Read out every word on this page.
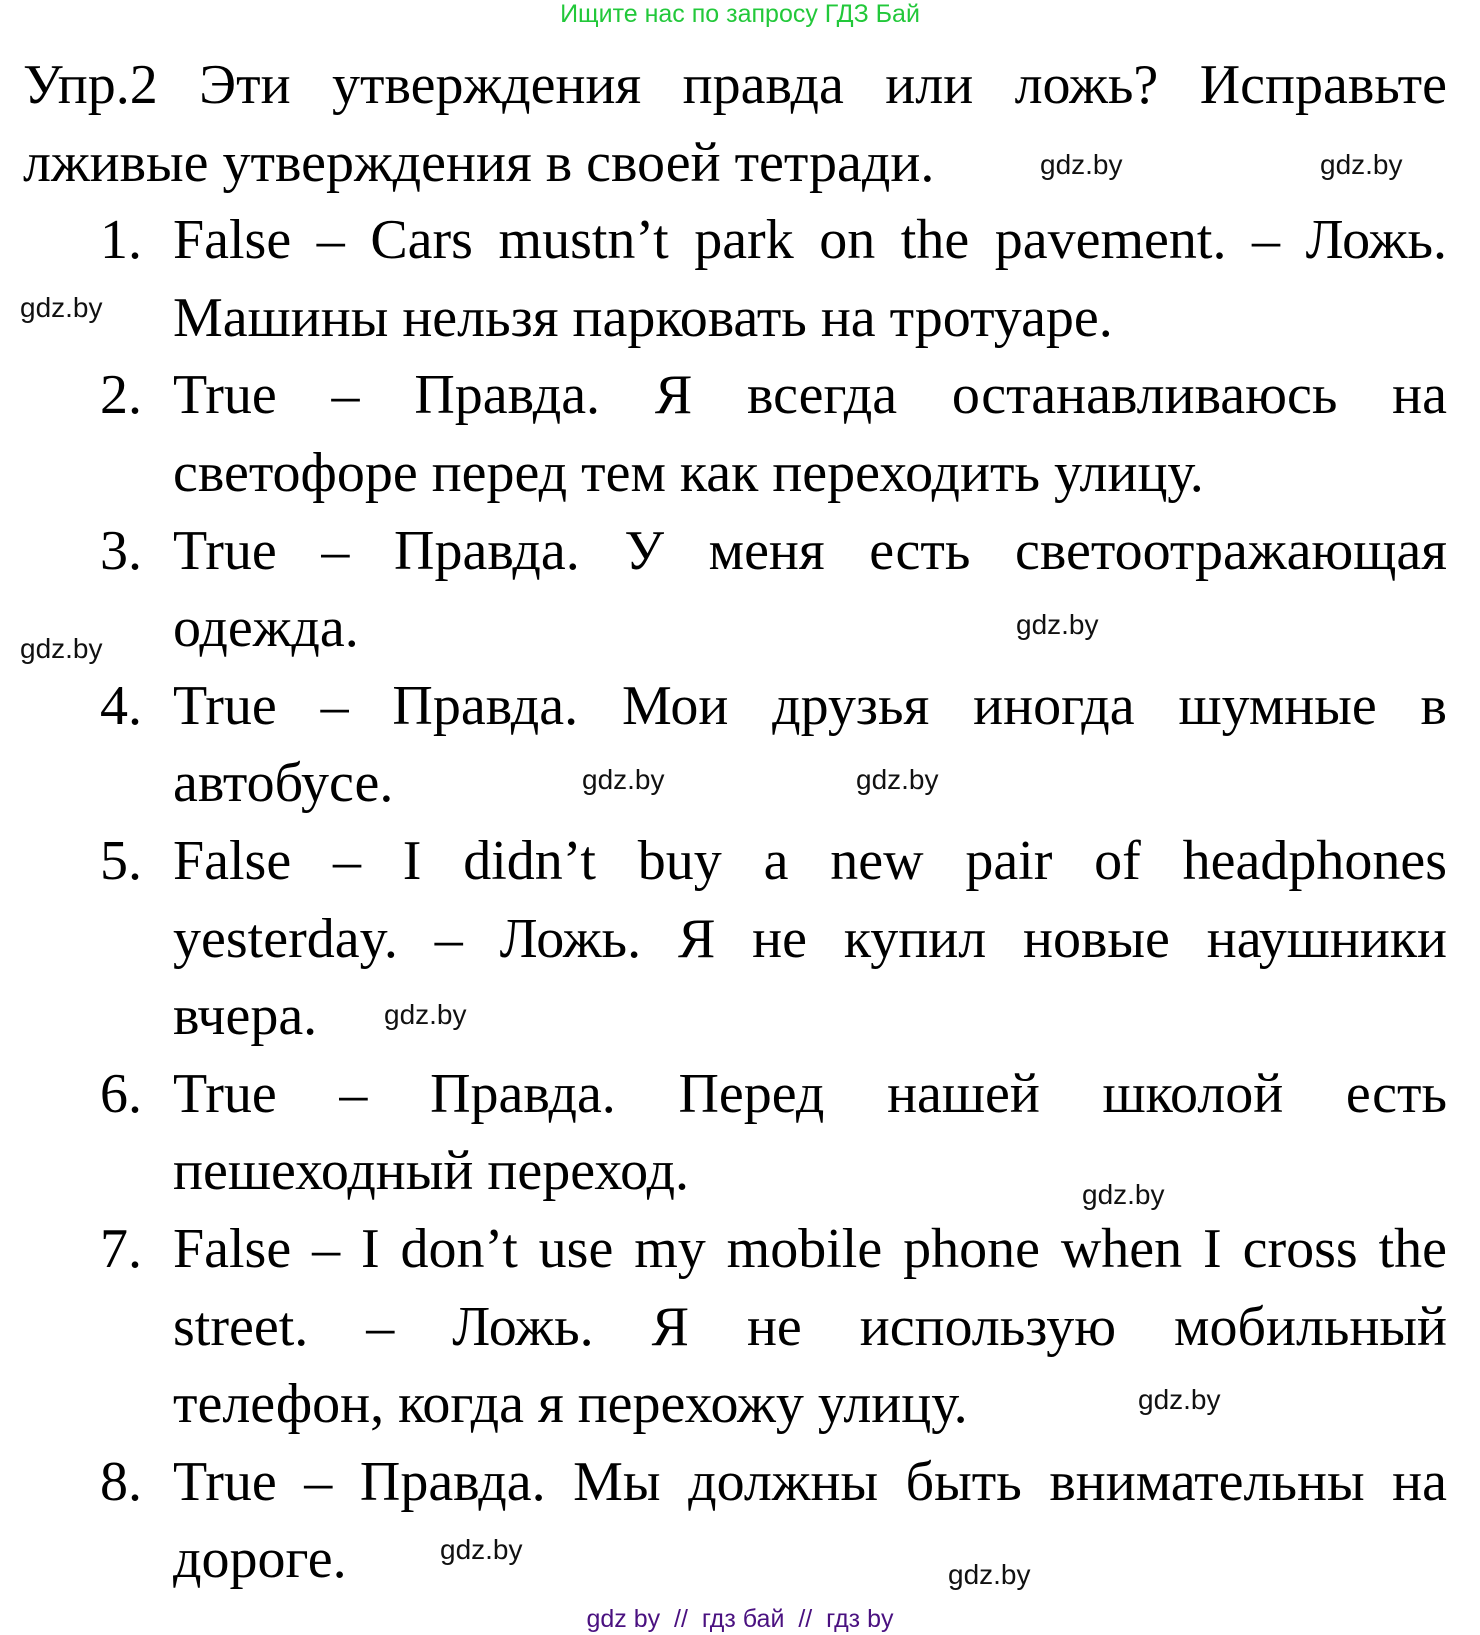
Ищите нас по запросу ГДЗ Бай
Упр.2 Эти утверждения правда или ложь? Исправьте
лживые утверждения в своей тетради.
1. False – Cars mustn’t park on the pavement. – Ложь.
Машины нельзя парковать на тротуаре.
2. True – Правда. Я всегда останавливаюсь на
светофоре перед тем как переходить улицу.
3. True – Правда. У меня есть светоотражающая
одежда.
4. True – Правда. Мои друзья иногда шумные в
автобусе.
5. False – I didn’t buy a new pair of headphones
yesterday. – Ложь. Я не купил новые наушники
вчера.
6. True – Правда. Перед нашей школой есть
пешеходный переход.
7. False – I don’t use my mobile phone when I cross the
street. – Ложь. Я не использую мобильный
телефон, когда я перехожу улицу.
8. True – Правда. Мы должны быть внимательны на
дороге.
gdz.by	gdz.by
gdz.by
gdz.by
gdz.by
gdz.by	gdz.by
gdz.by
gdz.by
gdz.by
gdz.by
gdz.by
gdz by  //  гдз бай  //  гдз by
